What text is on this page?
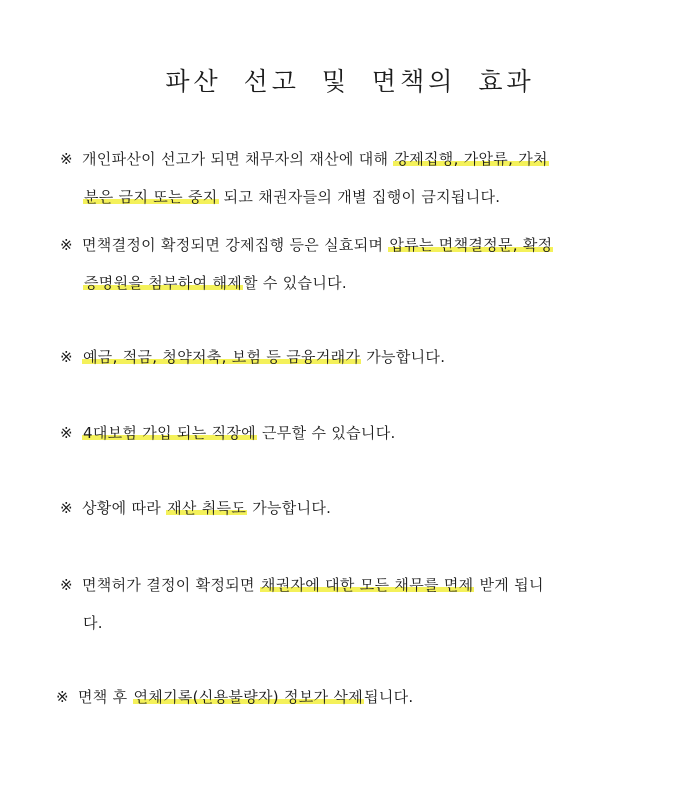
파산 선고 및 면책의 효과
※ 개인파산이 선고가 되면 채무자의 재산에 대해 강제집행, 가압류, 가처
분은 금지 또는 중지 되고 채권자들의 개별 집행이 금지됩니다.
※ 면책결정이 확정되면 강제집행 등은 실효되며 압류는 면책결정문, 확정
증명원을 첨부하여 해제할 수 있습니다.
※ 예금, 적금, 청약저축, 보험 등 금융거래가 가능합니다.
※ 4대보험 가입 되는 직장에 근무할 수 있습니다.
※ 상황에 따라 재산 취득도 가능합니다.
※ 면책허가 결정이 확정되면 채권자에 대한 모든 채무를 면제 받게 됩니
다.
※ 면책 후 연체기록(신용불량자) 정보가 삭제됩니다.
